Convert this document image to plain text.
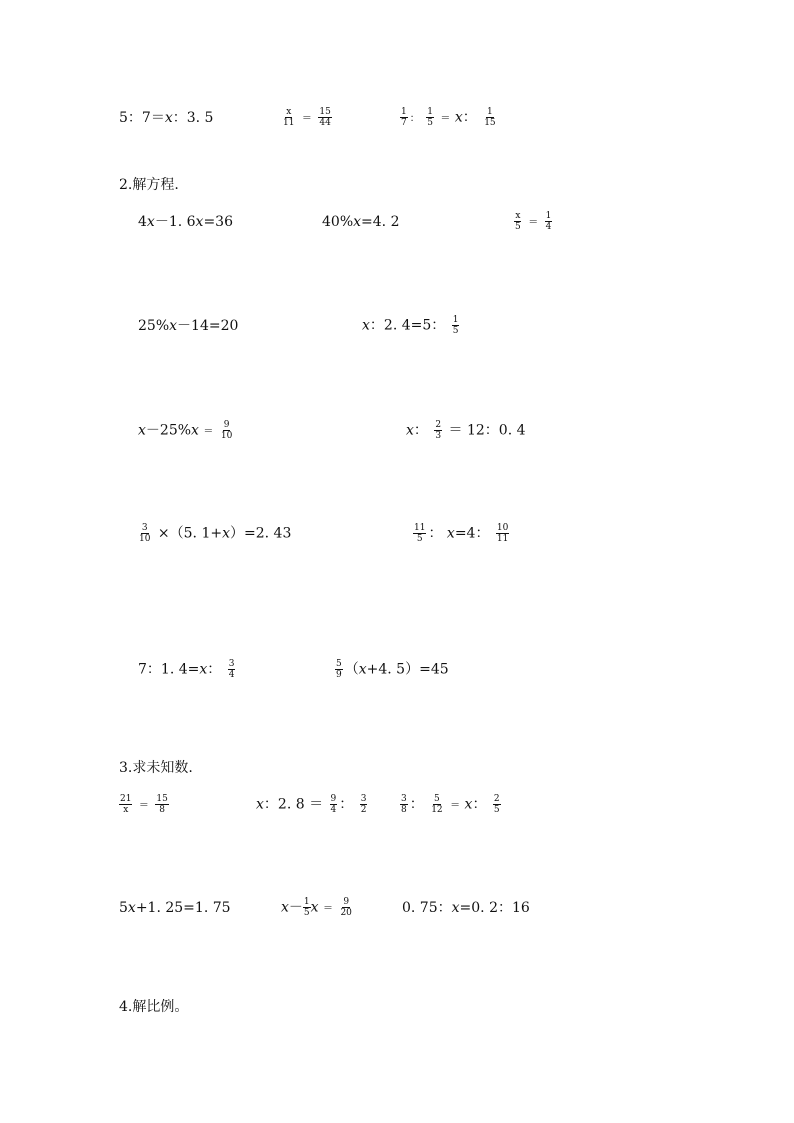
5：7＝x：3. 5	$\frac{x}{11} = \frac{15}{44}$	$\frac{1}{7}$ ： $\frac{1}{5} = x$： $\frac{1}{15}$
2.解方程.
4x－1. 6x=36	40%x=4. 2	$\frac{x}{5} = \frac{1}{4}$
25%x－14=20	x：2. 4=5： $\frac{1}{5}$
$x-25\%x = \frac{9}{10}$	x： $\frac{2}{3} = 12$：0. 4
$\frac{3}{10} \times(5$. 1+x）=2. 43	$\frac{11}{5}$ ： x=4： $\frac{10}{11}$
7：1. 4=x： $\frac{3}{4}$	$\frac{5}{9} (x+4$. 5）=45
3.求未知数.
$\frac{21}{x} = \frac{15}{8}$	x：2. $8 = \frac{9}{4}$ ： $\frac{3}{2}$	$\frac{3}{8}$ ： $\frac{5}{12} = x$： $\frac{2}{5}$
5x+1. 25=1. 75	$x- \frac{1}{5}$ $x = \frac{9}{20}$	0. 75：x=0. 2：16
4.解比例。
